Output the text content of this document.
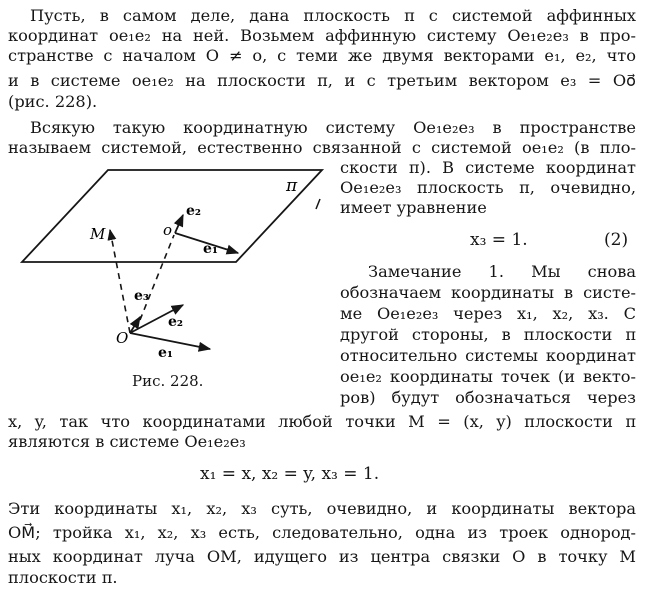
Пусть, в самом деле, дана плоскость π с системой аффинных
координат oe₁e₂ на ней. Возьмем аффинную систему Oe₁e₂e₃ в про-
странстве с началом O ≠ o, с теми же двумя векторами e₁, e₂, что
и в системе oe₁e₂ на плоскости π, и с третьим вектором e₃ = Oo⃗
(рис. 228).
Всякую такую координатную систему Oe₁e₂e₃ в пространстве
называем системой, естественно связанной с системой oe₁e₂ (в пло-
скости π). В системе координат
Oe₁e₂e₃ плоскость π, очевидно,
имеет уравнение
x₃ = 1.	(2)
Замечание 1. Мы снова
обозначаем координаты в систе-
ме Oe₁e₂e₃ через x₁, x₂, x₃. С
другой стороны, в плоскости π
относительно системы координат
oe₁e₂ координаты точек (и векто-
ров) будут обозначаться через
x, y, так что координатами любой точки M = (x, y) плоскости π
являются в системе Oe₁e₂e₃
x₁ = x, x₂ = y, x₃ = 1.
Эти координаты x₁, x₂, x₃ суть, очевидно, и координаты вектора
OM⃗; тройка x₁, x₂, x₃ есть, следовательно, одна из троек однород-
ных координат луча OM, идущего из центра связки O в точку M
плоскости π.
π
M	o
e₂
e₁
e₃
e₂
e₁
O
Рис. 228.
